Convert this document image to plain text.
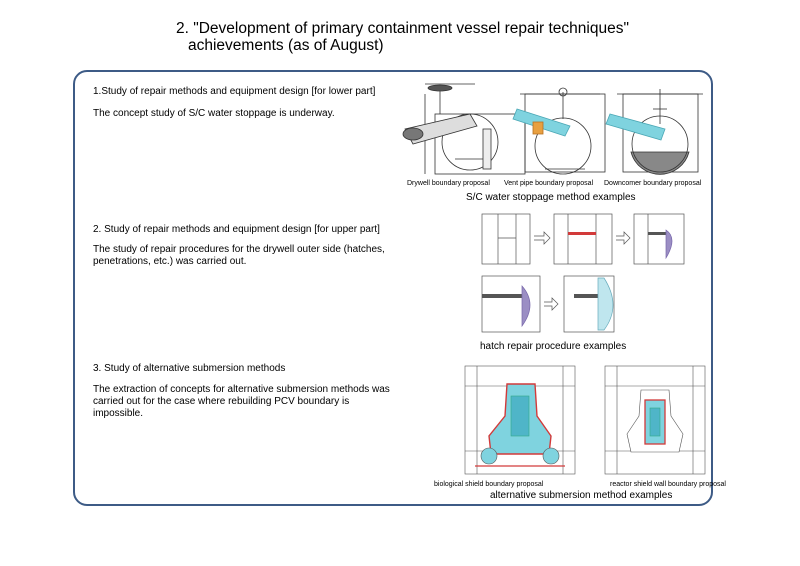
2. "Development of primary containment vessel repair techniques"
achievements (as of August)
1.Study of repair methods and equipment design [for lower part]
The concept study of S/C water stoppage is underway.
Drywell boundary proposal Vent pipe boundary proposal Downcomer boundary proposal
S/C water stoppage method examples
2. Study of repair methods and equipment design [for upper part]
The study of repair procedures for the drywell outer side (hatches, penetrations, etc.) was carried out.
hatch repair procedure examples
3. Study of alternative submersion methods
The extraction of concepts for alternative submersion methods was carried out for the case where rebuilding PCV boundary is impossible.
biological shield boundary proposal	reactor shield wall boundary proposal
alternative submersion method examples
